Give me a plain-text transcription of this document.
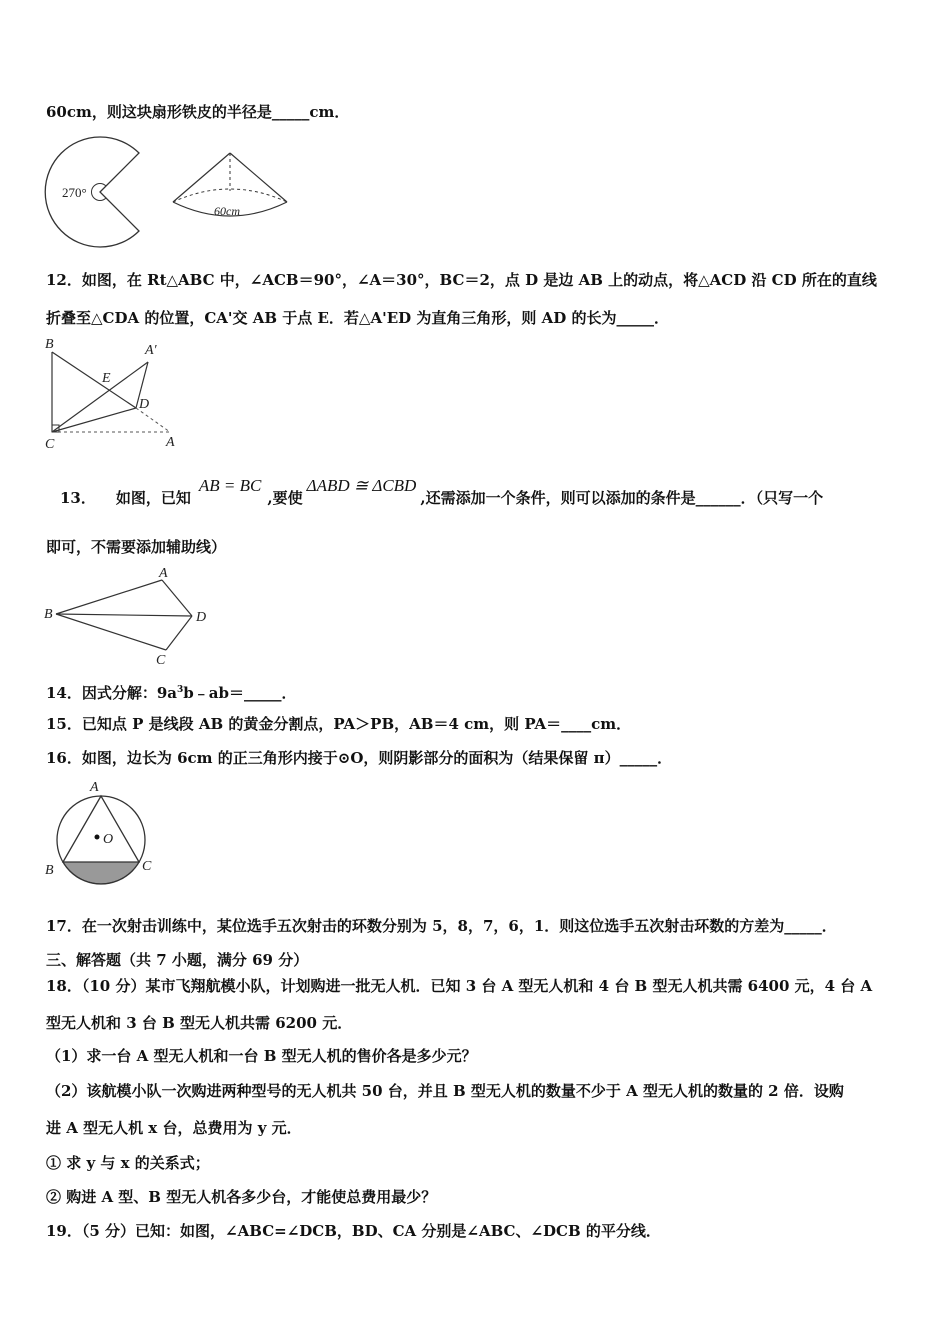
60cm，则这块扇形铁皮的半径是_____cm．
270°
60cm
12．如图，在 Rt△ABC 中，∠ACB＝90°，∠A＝30°，BC＝2，点 D 是边 AB 上的动点，将△ACD 沿 CD 所在的直线
折叠至△CDA 的位置，CA'交 AB 于点 E．若△A'ED 为直角三角形，则 AD 的长为_____．
B	A′
E
D
C	A
13． 如图，已知AB = BC,要使ΔABD ≅ ΔCBD,还需添加一个条件，则可以添加的条件是______．（只写一个
即可，不需要添加辅助线）
A
B	D
C
14．因式分解：$9a^3b﹣ab=\_\_\_\_\_$．
15．已知点 P 是线段 AB 的黄金分割点，PA＞PB，AB＝4 cm，则 PA＝____cm．
16．如图，边长为 6cm 的正三角形内接于⊙O，则阴影部分的面积为（结果保留 π）_____．
A
O
B	C
17．在一次射击训练中，某位选手五次射击的环数分别为 5，8，7，6，1．则这位选手五次射击环数的方差为_____．
三、解答题（共 7 小题，满分 69 分）
18．（10 分）某市飞翔航模小队，计划购进一批无人机．已知 3 台 A 型无人机和 4 台 B 型无人机共需 6400 元，4 台 A
型无人机和 3 台 B 型无人机共需 6200 元．
（1）求一台 A 型无人机和一台 B 型无人机的售价各是多少元？
（2）该航模小队一次购进两种型号的无人机共 50 台，并且 B 型无人机的数量不少于 A 型无人机的数量的 2 倍．设购
进 A 型无人机 x 台，总费用为 y 元．
① 求 y 与 x 的关系式；
② 购进 A 型、B 型无人机各多少台，才能使总费用最少？
19．（5 分）已知：如图，∠ABC=∠DCB，BD、CA 分别是∠ABC、∠DCB 的平分线．
